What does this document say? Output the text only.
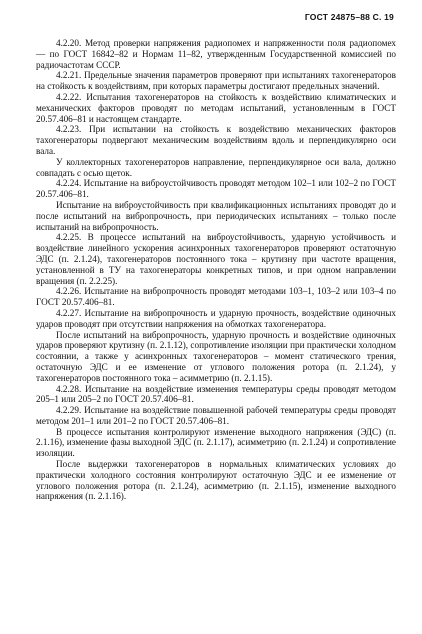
ГОСТ 24875–88 С. 19

4.2.20. Метод проверки напряжения радиопомех и напряженности поля радиопомех — по ГОСТ 16842–82 и Нормам 11–82, утвержденным Государственной комиссией по радиочастотам СССР.

4.2.21. Предельные значения параметров проверяют при испытаниях тахогенераторов на стойкость к воздействиям, при которых параметры достигают предельных значений.

4.2.22. Испытания тахогенераторов на стойкость к воздействию климатических и механических факторов проводят по методам испытаний, установленным в ГОСТ 20.57.406–81 и настоящем стандарте.

4.2.23. При испытании на стойкость к воздействию механических факторов тахогенераторы подвергают механическим воздействиям вдоль и перпендикулярно оси вала.

У коллекторных тахогенераторов направление, перпендикулярное оси вала, должно совпадать с осью щеток.

4.2.24. Испытание на виброустойчивость проводят методом 102–1 или 102–2 по ГОСТ 20.57.406–81.

Испытание на виброустойчивость при квалификационных испытаниях проводят до и после испытаний на вибропрочность, при периодических испытаниях – только после испытаний на вибропрочность.

4.2.25. В процессе испытаний на виброустойчивость, ударную устойчивость и воздействие линейного ускорения асинхронных тахогенераторов проверяют остаточную ЭДС (п. 2.1.24), тахогенераторов постоянного тока – крутизну при частоте вращения, установленной в ТУ на тахогенераторы конкретных типов, и при одном направлении вращения (п. 2.2.25).

4.2.26. Испытание на вибропрочность проводят методами 103–1, 103–2 или 103–4 по ГОСТ 20.57.406–81.

4.2.27. Испытание на вибропрочность и ударную прочность, воздействие одиночных ударов проводят при отсутствии напряжения на обмотках тахогенератора.

После испытаний на вибропрочность, ударную прочность и воздействие одиночных ударов проверяют крутизну (п. 2.1.12), сопротивление изоляции при практически холодном состоянии, а также у асинхронных тахогенераторов – момент статического трения, остаточную ЭДС и ее изменение от углового положения ротора (п. 2.1.24), у тахогенераторов постоянного тока – асимметрию (п. 2.1.15).

4.2.28. Испытание на воздействие изменения температуры среды проводят методом 205–1 или 205–2 по ГОСТ 20.57.406–81.

4.2.29. Испытание на воздействие повышенной рабочей температуры среды проводят методом 201–1 или 201–2 по ГОСТ 20.57.406–81.

В процессе испытания контролируют изменение выходного напряжения (ЭДС) (п. 2.1.16), изменение фазы выходной ЭДС (п. 2.1.17), асимметрию (п. 2.1.24) и сопротивление изоляции.

После выдержки тахогенераторов в нормальных климатических условиях до практически холодного состояния контролируют остаточную ЭДС и ее изменение от углового положения ротора (п. 2.1.24), асимметрию (п. 2.1.15), изменение выходного напряжения (п. 2.1.16).
